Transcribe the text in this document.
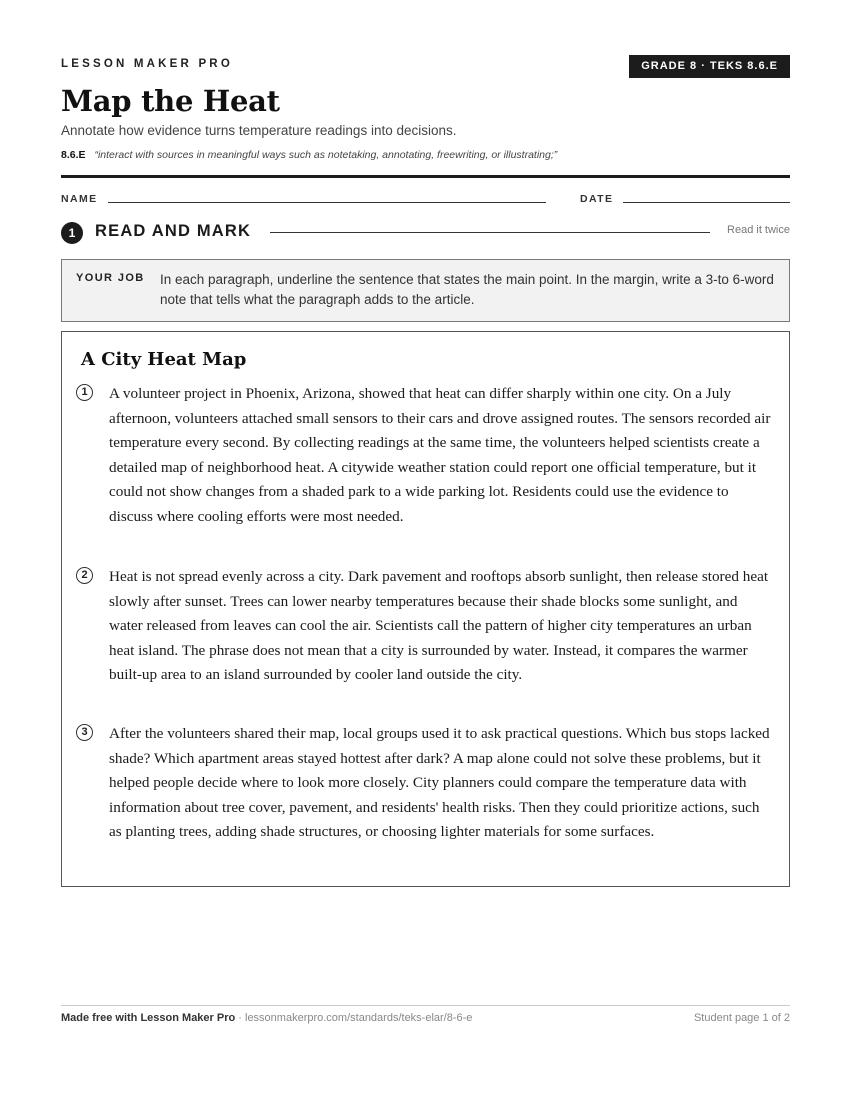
LESSON MAKER PRO	GRADE 8 · TEKS 8.6.E
Map the Heat
Annotate how evidence turns temperature readings into decisions.
8.6.E “interact with sources in meaningful ways such as notetaking, annotating, freewriting, or illustrating;”
NAME	DATE
1	READ AND MARK	Read it twice
YOUR JOB In each paragraph, underline the sentence that states the main point. In the margin, write a 3-to 6-word note that tells what the paragraph adds to the article.
A City Heat Map
1	A volunteer project in Phoenix, Arizona, showed that heat can differ sharply within one city. On a July afternoon, volunteers attached small sensors to their cars and drove assigned routes. The sensors recorded air temperature every second. By collecting readings at the same time, the volunteers helped scientists create a detailed map of neighborhood heat. A citywide weather station could report one official temperature, but it could not show changes from a shaded park to a wide parking lot. Residents could use the evidence to discuss where cooling efforts were most needed.
2	Heat is not spread evenly across a city. Dark pavement and rooftops absorb sunlight, then release stored heat slowly after sunset. Trees can lower nearby temperatures because their shade blocks some sunlight, and water released from leaves can cool the air. Scientists call the pattern of higher city temperatures an urban heat island. The phrase does not mean that a city is surrounded by water. Instead, it compares the warmer built-up area to an island surrounded by cooler land outside the city.
3	After the volunteers shared their map, local groups used it to ask practical questions. Which bus stops lacked shade? Which apartment areas stayed hottest after dark? A map alone could not solve these problems, but it helped people decide where to look more closely. City planners could compare the temperature data with information about tree cover, pavement, and residents' health risks. Then they could prioritize actions, such as planting trees, adding shade structures, or choosing lighter materials for some surfaces.
Made free with Lesson Maker Pro · lessonmakerpro.com/standards/teks-elar/8-6-e	Student page 1 of 2
